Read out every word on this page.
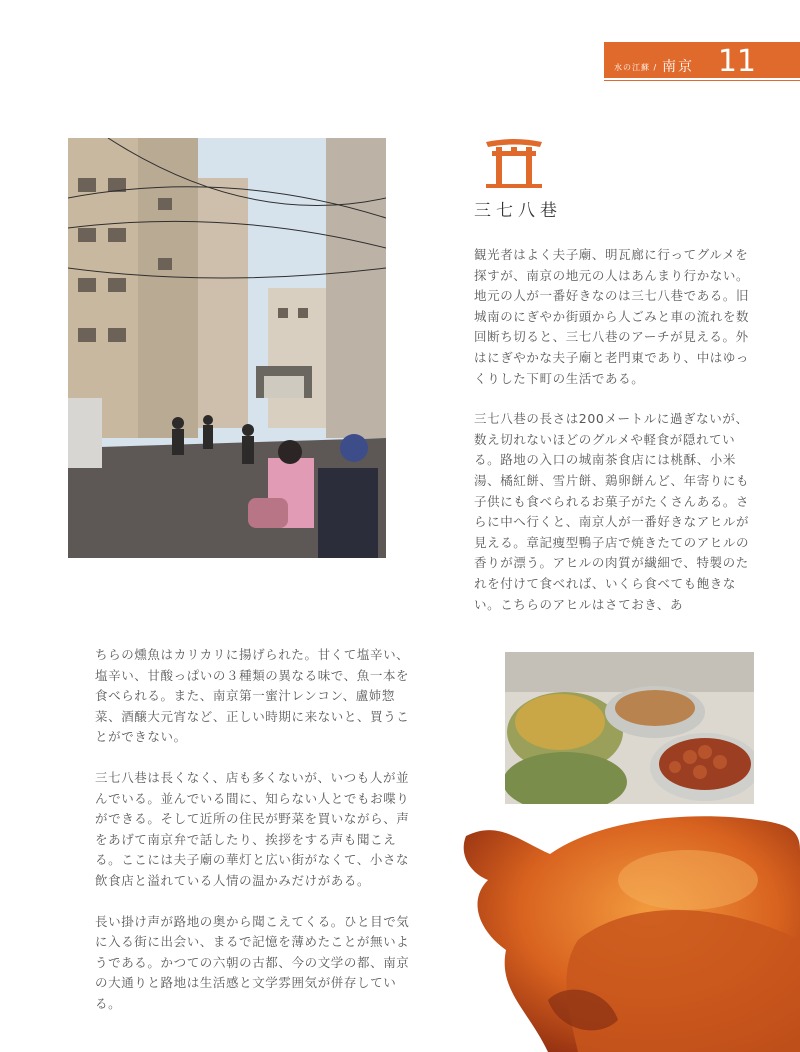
水の江蘇 / 南京 11
三七八巷

観光者はよく夫子廟、明瓦廊に行ってグルメを探すが、南京の地元の人はあんまり行かない。地元の人が一番好きなのは三七八巷である。旧城南のにぎやか街頭から人ごみと車の流れを数回断ち切ると、三七八巷のアーチが見える。外はにぎやかな夫子廟と老門東であり、中はゆっくりした下町の生活である。

三七八巷の長さは200メートルに過ぎないが、数え切れないほどのグルメや軽食が隠れている。路地の入口の城南茶食店には桃酥、小米湯、橘紅餅、雪片餅、鶏卵餅んど、年寄りにも子供にも食べられるお菓子がたくさんある。さらに中へ行くと、南京人が一番好きなアヒルが見える。章記痩型鴨子店で焼きたてのアヒルの香りが漂う。アヒルの肉質が繊細で、特製のたれを付けて食べれば、いくら食べても飽きない。こちらのアヒルはさておき、あ

ちらの燻魚はカリカリに揚げられた。甘くて塩辛い、塩辛い、甘酸っぱいの３種類の異なる味で、魚一本を食べられる。また、南京第一蜜汁レンコン、盧姉惣菜、酒醸大元宵など、正しい時期に来ないと、買うことができない。

三七八巷は長くなく、店も多くないが、いつも人が並んでいる。並んでいる間に、知らない人とでもお喋りができる。そして近所の住民が野菜を買いながら、声をあげて南京弁で話したり、挨拶をする声も聞こえる。ここには夫子廟の華灯と広い街がなくて、小さな飲食店と溢れている人情の温かみだけがある。

長い掛け声が路地の奥から聞こえてくる。ひと目で気に入る街に出会い、まるで記憶を薄めたことが無いようである。かつての六朝の古都、今の文学の都、南京の大通りと路地は生活感と文学雰囲気が併存している。
